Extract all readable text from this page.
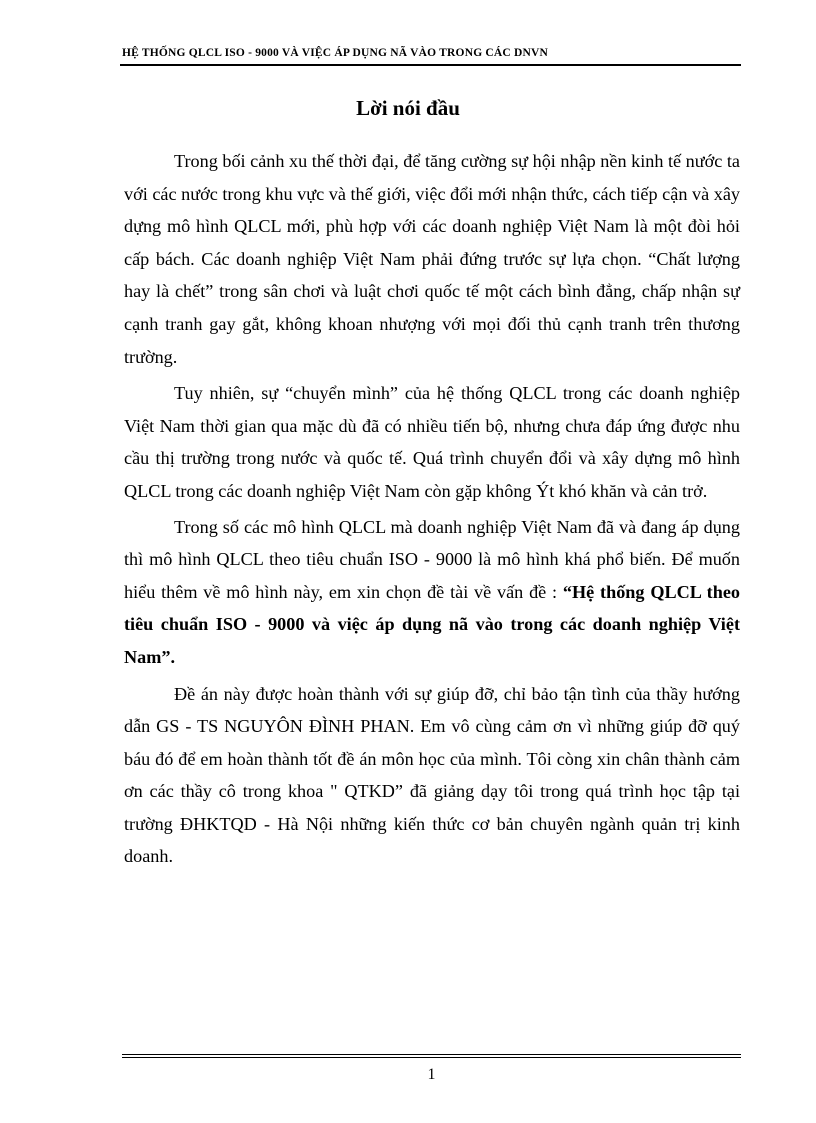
HỆ THỐNG QLCL ISO - 9000 VÀ VIỆC ÁP DỤNG NÃ VÀO TRONG CÁC DNVN
Lời nói đầu

Trong bối cảnh xu thế thời đại, để tăng cường sự hội nhập nền kinh tế nước ta với các nước trong khu vực và thế giới, việc đổi mới nhận thức, cách tiếp cận và xây dựng mô hình QLCL mới, phù hợp với các doanh nghiệp Việt Nam là một đòi hỏi cấp bách. Các doanh nghiệp Việt Nam phải đứng trước sự lựa chọn. “Chất lượng hay là chết” trong sân chơi và luật chơi quốc tế một cách bình đẳng, chấp nhận sự cạnh tranh gay gắt, không khoan nhượng với mọi đối thủ cạnh tranh trên thương trường.

Tuy nhiên, sự “chuyển mình” của hệ thống QLCL trong các doanh nghiệp Việt Nam thời gian qua mặc dù đã có nhiều tiến bộ, nhưng chưa đáp ứng được nhu cầu thị trường trong nước và quốc tế. Quá trình chuyển đổi và xây dựng mô hình QLCL trong các doanh nghiệp Việt Nam còn gặp không Ýt khó khăn và cản trở.

Trong số các mô hình QLCL mà doanh nghiệp Việt Nam đã và đang áp dụng thì mô hình QLCL theo tiêu chuẩn ISO - 9000 là mô hình khá phổ biến. Để muốn hiểu thêm về mô hình này, em xin chọn đề tài về vấn đề : “Hệ thống QLCL theo tiêu chuẩn ISO - 9000 và việc áp dụng nã vào trong các doanh nghiệp Việt Nam”.

Đề án này được hoàn thành với sự giúp đỡ, chỉ bảo tận tình của thầy hướng dẫn GS - TS NGUYÔN ĐÌNH PHAN. Em vô cùng cảm ơn vì những giúp đỡ quý báu đó để em hoàn thành tốt đề án môn học của mình. Tôi còng xin chân thành cảm ơn các thầy cô trong khoa " QTKD” đã giảng dạy tôi trong quá trình học tập tại trường ĐHKTQD - Hà Nội những kiến thức cơ bản chuyên ngành quản trị kinh doanh.

1
